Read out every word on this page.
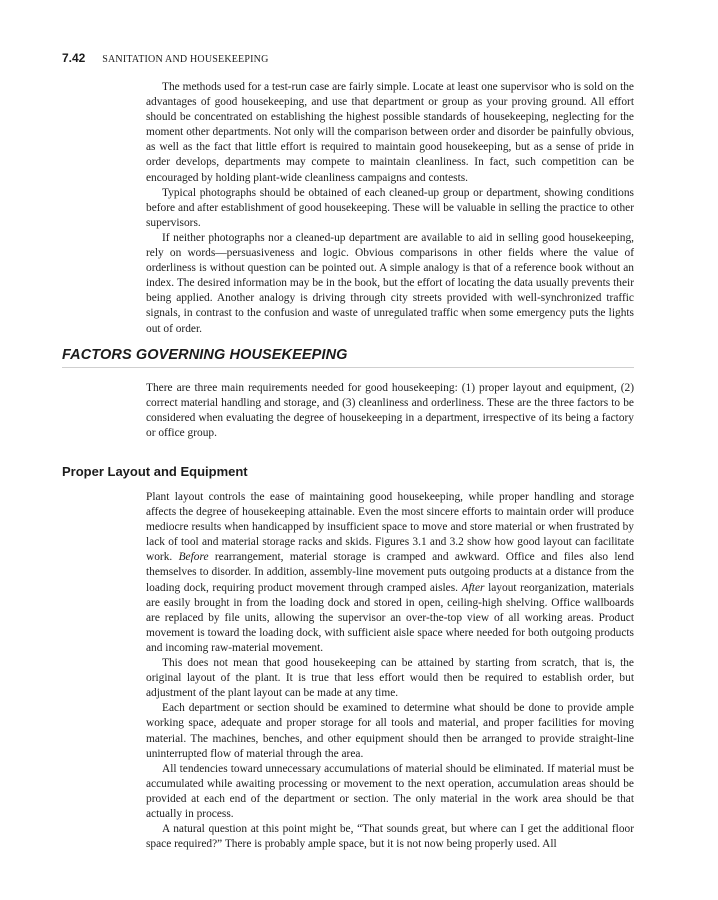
7.42 SANITATION AND HOUSEKEEPING

The methods used for a test-run case are fairly simple. Locate at least one supervisor who is sold on the advantages of good housekeeping, and use that department or group as your proving ground. All effort should be concentrated on establishing the highest possible standards of housekeeping, neglecting for the moment other departments. Not only will the comparison between order and disorder be painfully obvious, as well as the fact that little effort is required to maintain good housekeeping, but as a sense of pride in order develops, departments may compete to maintain cleanliness. In fact, such competition can be encouraged by holding plant-wide cleanliness campaigns and contests.

Typical photographs should be obtained of each cleaned-up group or department, showing conditions before and after establishment of good housekeeping. These will be valuable in selling the practice to other supervisors.

If neither photographs nor a cleaned-up department are available to aid in selling good housekeeping, rely on words—persuasiveness and logic. Obvious comparisons in other fields where the value of orderliness is without question can be pointed out. A simple analogy is that of a reference book without an index. The desired information may be in the book, but the effort of locating the data usually prevents their being applied. Another analogy is driving through city streets provided with well-synchronized traffic signals, in contrast to the confusion and waste of unregulated traffic when some emergency puts the lights out of order.

FACTORS GOVERNING HOUSEKEEPING

There are three main requirements needed for good housekeeping: (1) proper layout and equipment, (2) correct material handling and storage, and (3) cleanliness and orderliness. These are the three factors to be considered when evaluating the degree of housekeeping in a department, irrespective of its being a factory or office group.

Proper Layout and Equipment

Plant layout controls the ease of maintaining good housekeeping, while proper handling and storage affects the degree of housekeeping attainable. Even the most sincere efforts to maintain order will produce mediocre results when handicapped by insufficient space to move and store material or when frustrated by lack of tool and material storage racks and skids. Figures 3.1 and 3.2 show how good layout can facilitate work. Before rearrangement, material storage is cramped and awkward. Office and files also lend themselves to disorder. In addition, assembly-line movement puts outgoing products at a distance from the loading dock, requiring product movement through cramped aisles. After layout reorganization, materials are easily brought in from the loading dock and stored in open, ceiling-high shelving. Office wallboards are replaced by file units, allowing the supervisor an over-the-top view of all working areas. Product movement is toward the loading dock, with sufficient aisle space where needed for both outgoing products and incoming raw-material movement.

This does not mean that good housekeeping can be attained by starting from scratch, that is, the original layout of the plant. It is true that less effort would then be required to establish order, but adjustment of the plant layout can be made at any time.

Each department or section should be examined to determine what should be done to provide ample working space, adequate and proper storage for all tools and material, and proper facilities for moving material. The machines, benches, and other equipment should then be arranged to provide straight-line uninterrupted flow of material through the area.

All tendencies toward unnecessary accumulations of material should be eliminated. If material must be accumulated while awaiting processing or movement to the next operation, accumulation areas should be provided at each end of the department or section. The only material in the work area should be that actually in process.

A natural question at this point might be, “That sounds great, but where can I get the additional floor space required?” There is probably ample space, but it is not now being properly used. All
